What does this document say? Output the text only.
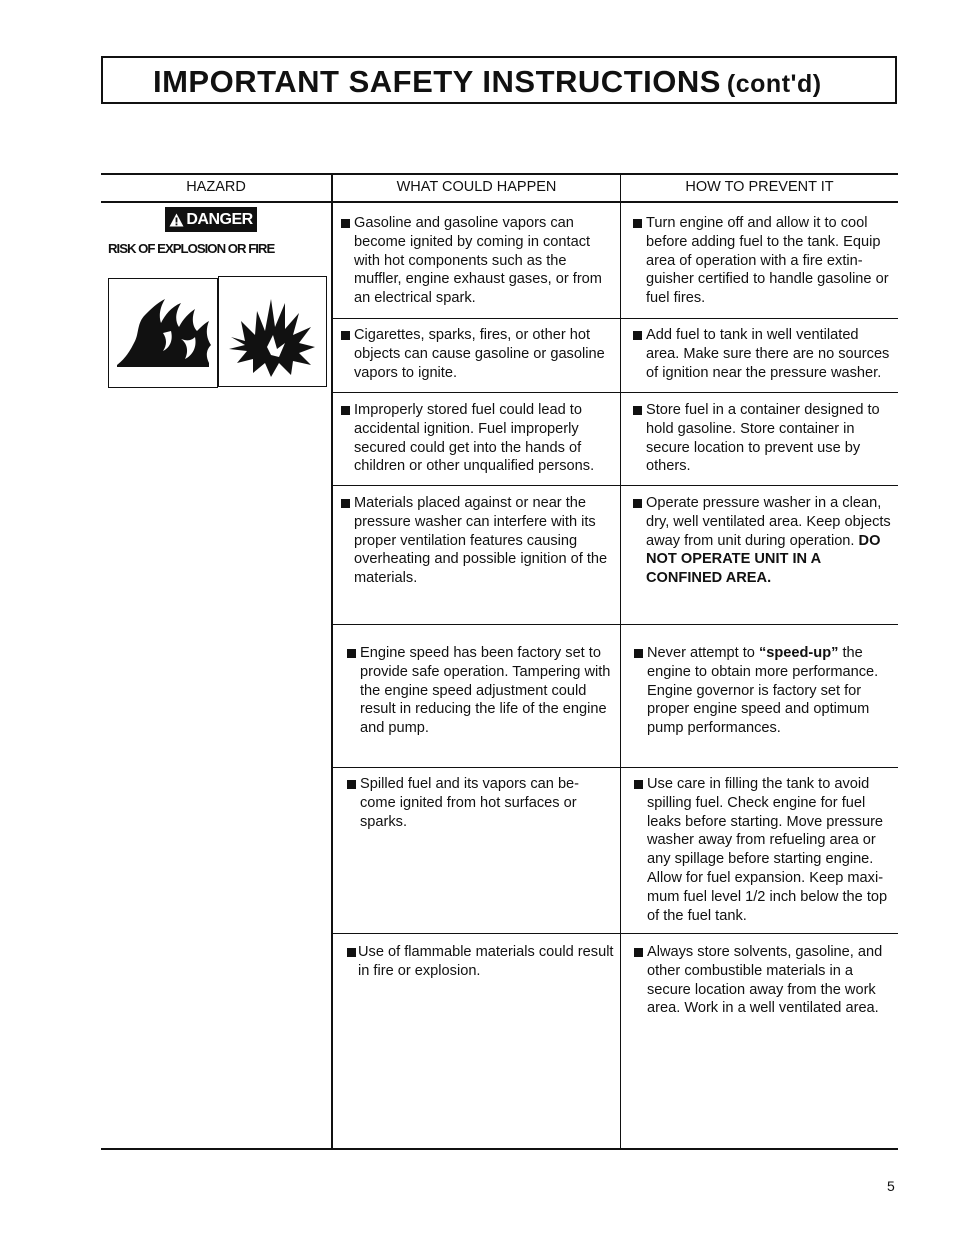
IMPORTANT SAFETY INSTRUCTIONS (cont'd)
HAZARD	WHAT COULD HAPPEN	HOW TO PREVENT IT
DANGER
RISK OF EXPLOSION OR FIRE
Gasoline and gasoline vapors can become ignited by coming in contact with hot components such as the muffler, engine exhaust gases, or from an electrical spark.
Turn engine off and allow it to cool before adding fuel to the tank. Equip area of operation with a fire extin-guisher certified to handle gasoline or fuel fires.
Cigarettes, sparks, fires, or other hot objects can cause gasoline or gasoline vapors to ignite.
Add fuel to tank in well ventilated area. Make sure there are no sources of ignition near the pressure washer.
Improperly stored fuel could lead to accidental ignition. Fuel improperly secured could get into the hands of children or other unqualified persons.
Store fuel in a container designed to hold gasoline. Store container in secure location to prevent use by others.
Materials placed against or near the pressure washer can interfere with its proper ventilation features causing overheating and possible ignition of the materials.
Operate pressure washer in a clean, dry, well ventilated area. Keep objects away from unit during operation. DO NOT OPERATE UNIT IN A CONFINED AREA.
Engine speed has been factory set to provide safe operation. Tampering with the engine speed adjustment could result in reducing the life of the engine and pump.
Never attempt to “speed-up” the engine to obtain more performance. Engine governor is factory set for proper engine speed and optimum pump performances.
Spilled fuel and its vapors can be-come ignited from hot surfaces or sparks.
Use care in filling the tank to avoid spilling fuel. Check engine for fuel leaks before starting. Move pressure washer away from refueling area or any spillage before starting engine. Allow for fuel expansion. Keep maxi-mum fuel level 1/2 inch below the top of the fuel tank.
Use of flammable materials could result in fire or explosion.
Always store solvents, gasoline, and other combustible materials in a secure location away from the work area. Work in a well ventilated area.
5
